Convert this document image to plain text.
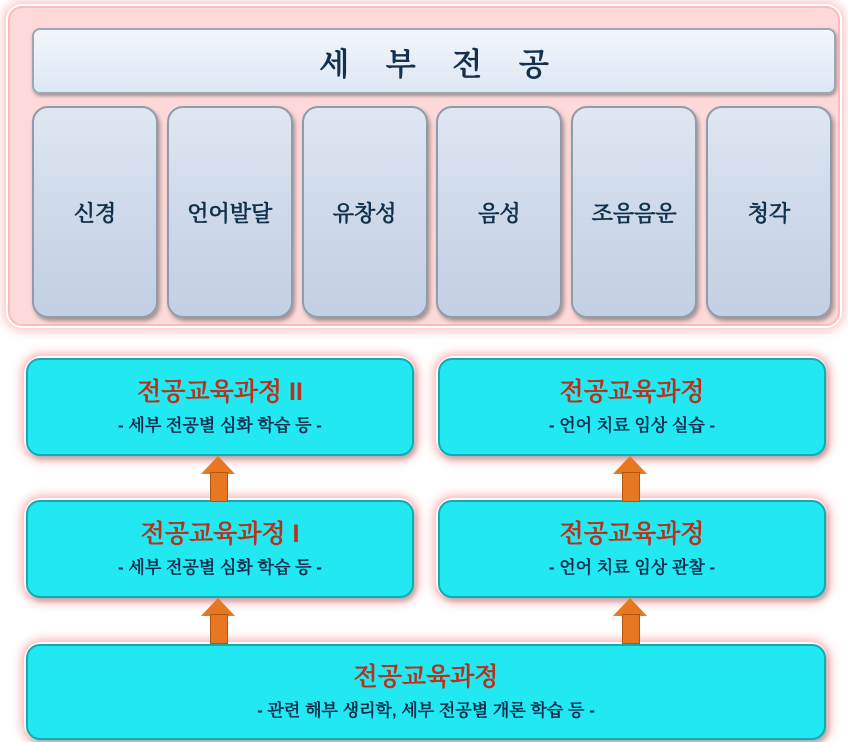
세 부 전 공
신경	언어발달	유창성	음성	조음음운	청각
전공교육과정 II
- 세부 전공별 심화 학습 등 -
전공교육과정
- 언어 치료 임상 실습 -
전공교육과정 I
- 세부 전공별 심화 학습 등 -
전공교육과정
- 언어 치료 임상 관찰 -
전공교육과정
- 관련 해부 생리학, 세부 전공별 개론 학습 등 -
